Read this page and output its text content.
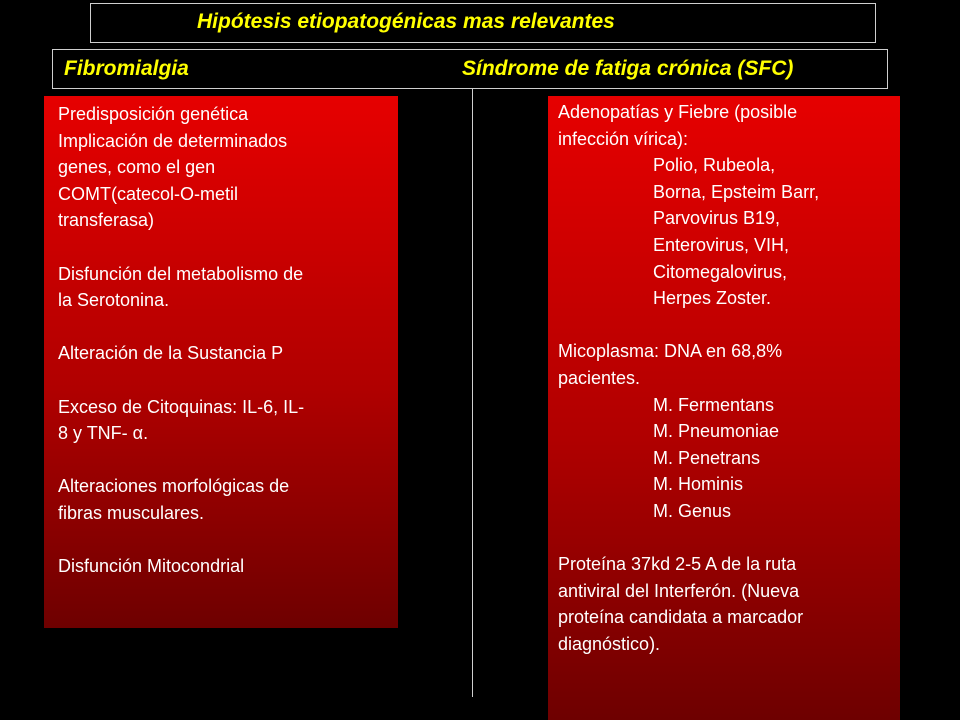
Hipótesis etiopatogénicas mas relevantes
Fibromialgia	Síndrome de fatiga crónica (SFC)
Predisposición genética
Implicación de determinados
genes, como el gen
COMT(catecol-O-metil
transferasa)
Disfunción del metabolismo de
la Serotonina.
Alteración de la Sustancia P
Exceso de Citoquinas: IL-6, IL-
8 y TNF- α.
Alteraciones morfológicas de
fibras musculares.
Disfunción Mitocondrial
Adenopatías y Fiebre (posible
infección vírica):
Polio, Rubeola,
Borna, Epsteim Barr,
Parvovirus B19,
Enterovirus, VIH,
Citomegalovirus,
Herpes Zoster.
Micoplasma: DNA en 68,8%
pacientes.
M. Fermentans
M. Pneumoniae
M. Penetrans
M. Hominis
M. Genus
Proteína 37kd 2-5 A de la ruta
antiviral del Interferón. (Nueva
proteína candidata a marcador
diagnóstico).
